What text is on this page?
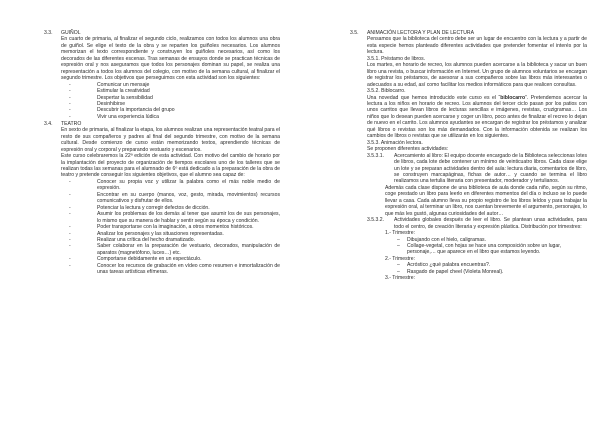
3.3. GUIÑOL

En cuarto de primaria, al finalizar el segundo ciclo, realizamos con todos los alumnos una obra de guiñol. Se elige el texto de la obra y se reparten los guiñoles necesarios. Los alumnos memorizan el texto correspondiente y construyen los guiñoles necesarios, así como los decorados de las diferentes escenas. Tras semanas de ensayos donde se practican técnicas de expresión oral y nos aseguramos que todos los personajes dominan su papel, se realiza una representación a todos los alumnos del colegio, con motivo de la semana cultural, al finalizar el segundo trimestre. Los objetivos que perseguimos con esta actividad son los siguientes:

- Comunicar un mensaje
- Estimular la creatividad
- Despertar la sensibilidad
- Desinhibirse
- Descubrir la importancia del grupo
- Vivir una experiencia lúdica
3.4. TEATRO

En sexto de primaria, al finalizar la etapa, los alumnos realizan una representación teatral para el resto de sus compañeros y padres al final del segundo trimestre, con motivo de la semana cultural. Desde comienzo de curso están memorizando textos, aprendiendo técnicas de expresión oral y corporal y preparando vestuario y escenarios.

Este curso celebraremos la 22ª edición de esta actividad. Con motivo del cambio de horario por la implantación del proyecto de organización de tiempos escolares uno de los talleres que se realizan todas las semanas para el alumnado de 6º está dedicado a la preparación de la obra de teatro y pretende conseguir los siguientes objetivos, que el alumno sea capaz de:

- Conocer su propia voz y utilizar la palabra como el más noble medio de expresión.
- Encontrar en su cuerpo (manos, voz, gesto, mirada, movimientos) recursos comunicativos y disfrutar de ellos.
- Potenciar la lectura y corregir defectos de dicción.
- Asumir los problemas de los demás al tener que asumir los de sus personajes, lo mismo que su manera de hablar y sentir según su época y condición.
- Poder transportarse con la imaginación, a otros momentos históricos.
- Analizar los personajes y las situaciones representadas.
- Realizar una crítica del hecho dramatizado.
- Saber colaborar en la preparación de vestuario, decorados, manipulación de aparatos (magnetófono, luces…) etc.
- Comportarse debidamente en un espectáculo.
- Conocer los recursos de grabación en vídeo como resumen e inmortalización de unas tareas artísticas efímeras.
3.5. ANIMACIÓN LECTORA Y PLAN DE LECTURA

Pensamos que la biblioteca del centro debe ser un lugar de encuentro con la lectura y a partir de esta especie hemos planteado diferentes actividades que pretender fomentar el interés por la lectura.

3.5.1. Préstamo de libros.

Los martes, en horario de recreo, los alumnos pueden acercarse a la biblioteca y sacar un buen libro una revista, o buscar información en Internet. Un grupo de alumnos voluntarios se encargan de registrar los préstamos, de asesorar a sus compañeros sobre las libros más interesantes o adecuados a su edad, así como facilitar los medios informáticos para que realicen consultas.

3.5.2. Biblocarro.

Una novedad que hemos introducido este curso es el “biblocarro”. Pretendemos acercar la lectura a los niños en horario de recreo. Los alumnos del tercer ciclo pasan por los patios con unos carritos que llevan libros de lecturas sencillas e imágenes, revistas, cruzigramas… Los niños que lo desean pueden acercarse y coger un libro, poco antes de finalizar el recreo lo dejan de nuevo en el carrito. Los alumnos ayudantes se encargan de registrar los préstamos y analizar qué libros o revistas son los más demandados. Con la información obtenida se realizan los cambios de libros o revistas que se utilizarán en los siguientes.

3.5.3. Animación lectora.

Se proponen diferentes actividades:

3.5.3.1.	Acercamiento al libro: El equipo docente encargado de la Biblioteca seleccionas lotes de libros, cada lote debe contener un mínimo de veinticuatro libros. Cada clase elige un lote y se preparan actividades dentro del aula: lectura diaria, comentarios de libro, se construyen marcapáginas, fichas de autor… y cuando se termina el libro realizamos una tertulia literaria con presentador, moderador y tertulianos.

Además cada clase dispone de una biblioteca de aula donde cada niño, según su ritmo, coge prestado un libro para leerlo en diferentes momentos del día o incluso se lo puede llevar a casa. Cada alumno lleva su propio registro de los libros leídos y para trabajar la expresión oral, al terminar un libro, nos cuentan brevemente el argumento, personajes, lo que más les gustó, algunas curiosidades del autor…

3.5.3.2.	Actividades globales después de leer el libro. Se plantean unas actividades, para todo el centro, de creación literaria y expresión plástica. Distribución por trimestres:

1.- Trimestre:

– Dibujando con el hielo, caligramas.
– Collage-vegetal, con hojas se hace una composición sobre un lugar, personaje,… que aparece en el libro que estamos leyendo.

2.- Trimestre:

– Acróstico ¿qué palabra encuentras?.
– Rasgado de papel cheel (Violeta Monreal).

3.- Trimestre:
